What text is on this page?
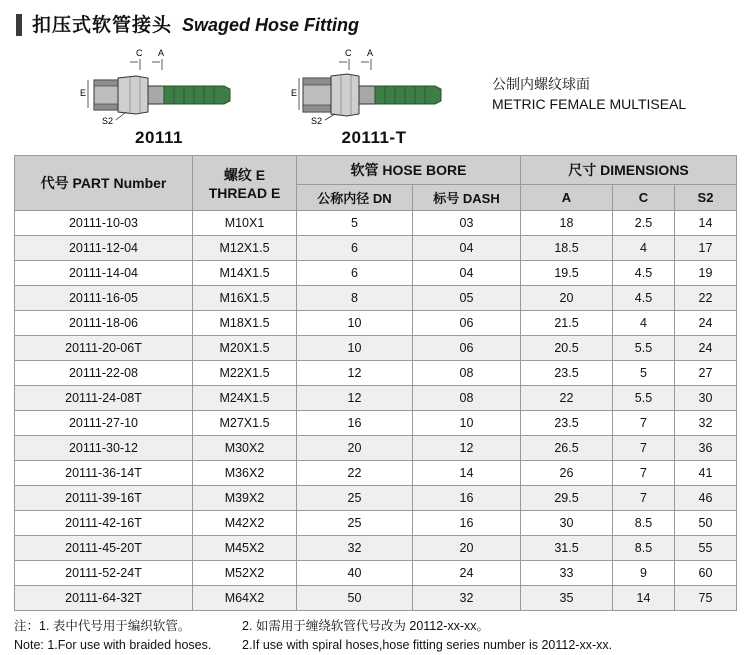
扣压式软管接头 Swaged Hose Fitting
C A
E
S2
20111
C A
E
S2
20111-T
公制内螺纹球面
METRIC FEMALE MULTISEAL
代号 PART Number	螺纹 E
THREAD E	软管 HOSE BORE		尺寸 DIMENSIONS		
		公称内径 DN	标号 DASH	A	C	S2
20111-10-03	M10X1	5	03	18	2.5	14
20111-12-04	M12X1.5	6	04	18.5	4	17
20111-14-04	M14X1.5	6	04	19.5	4.5	19
20111-16-05	M16X1.5	8	05	20	4.5	22
20111-18-06	M18X1.5	10	06	21.5	4	24
20111-20-06T	M20X1.5	10	06	20.5	5.5	24
20111-22-08	M22X1.5	12	08	23.5	5	27
20111-24-08T	M24X1.5	12	08	22	5.5	30
20111-27-10	M27X1.5	16	10	23.5	7	32
20111-30-12	M30X2	20	12	26.5	7	36
20111-36-14T	M36X2	22	14	26	7	41
20111-39-16T	M39X2	25	16	29.5	7	46
20111-42-16T	M42X2	25	16	30	8.5	50
20111-45-20T	M45X2	32	20	31.5	8.5	55
20111-52-24T	M52X2	40	24	33	9	60
20111-64-32T	M64X2	50	32	35	14	75
注：1. 表中代号用于编织软管。	2. 如需用于缠绕软管代号改为 20112-xx-xx。
Note: 1.For use with braided hoses.	2.If use with spiral hoses,hose fitting series number is 20112-xx-xx.
